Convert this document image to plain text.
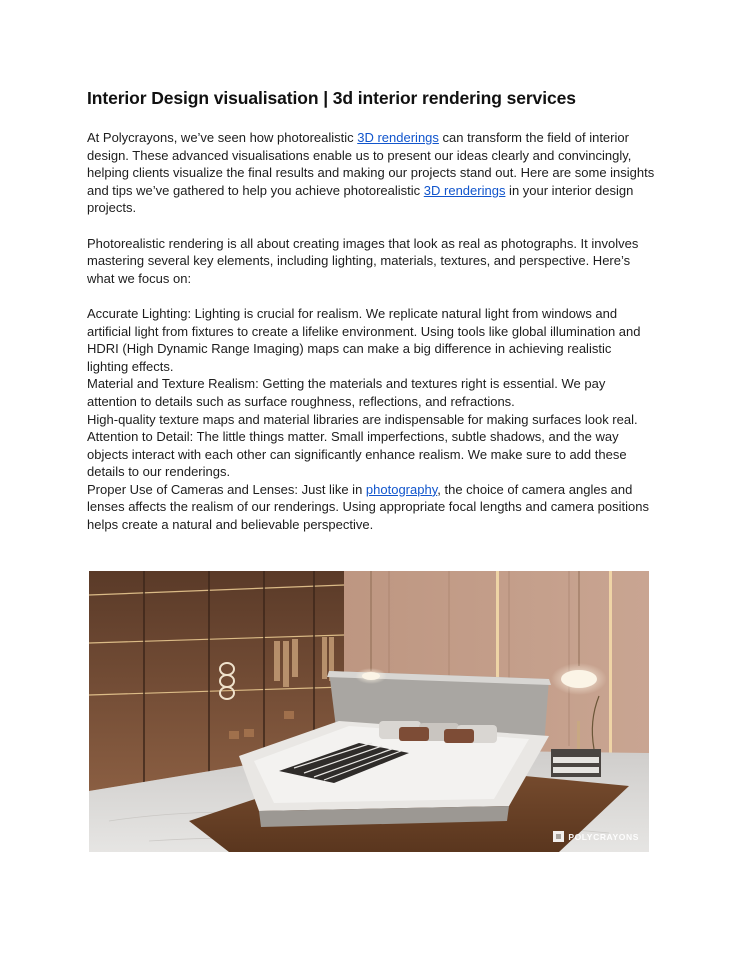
Interior Design visualisation | 3d interior rendering services

At Polycrayons, we’ve seen how photorealistic 3D renderings can transform the field of interior design. These advanced visualisations enable us to present our ideas clearly and convincingly, helping clients visualize the final results and making our projects stand out. Here are some insights and tips we’ve gathered to help you achieve photorealistic 3D renderings in your interior design projects.

Photorealistic rendering is all about creating images that look as real as photographs. It involves mastering several key elements, including lighting, materials, textures, and perspective. Here’s what we focus on:

Accurate Lighting: Lighting is crucial for realism. We replicate natural light from windows and artificial light from fixtures to create a lifelike environment. Using tools like global illumination and HDRI (High Dynamic Range Imaging) maps can make a big difference in achieving realistic lighting effects.

Material and Texture Realism: Getting the materials and textures right is essential. We pay attention to details such as surface roughness, reflections, and refractions.

High-quality texture maps and material libraries are indispensable for making surfaces look real.

Attention to Detail: The little things matter. Small imperfections, subtle shadows, and the way objects interact with each other can significantly enhance realism. We make sure to add these details to our renderings.

Proper Use of Cameras and Lenses: Just like in photography, the choice of camera angles and lenses affects the realism of our renderings. Using appropriate focal lengths and camera positions helps create a natural and believable perspective.

POLYCRAYONS
